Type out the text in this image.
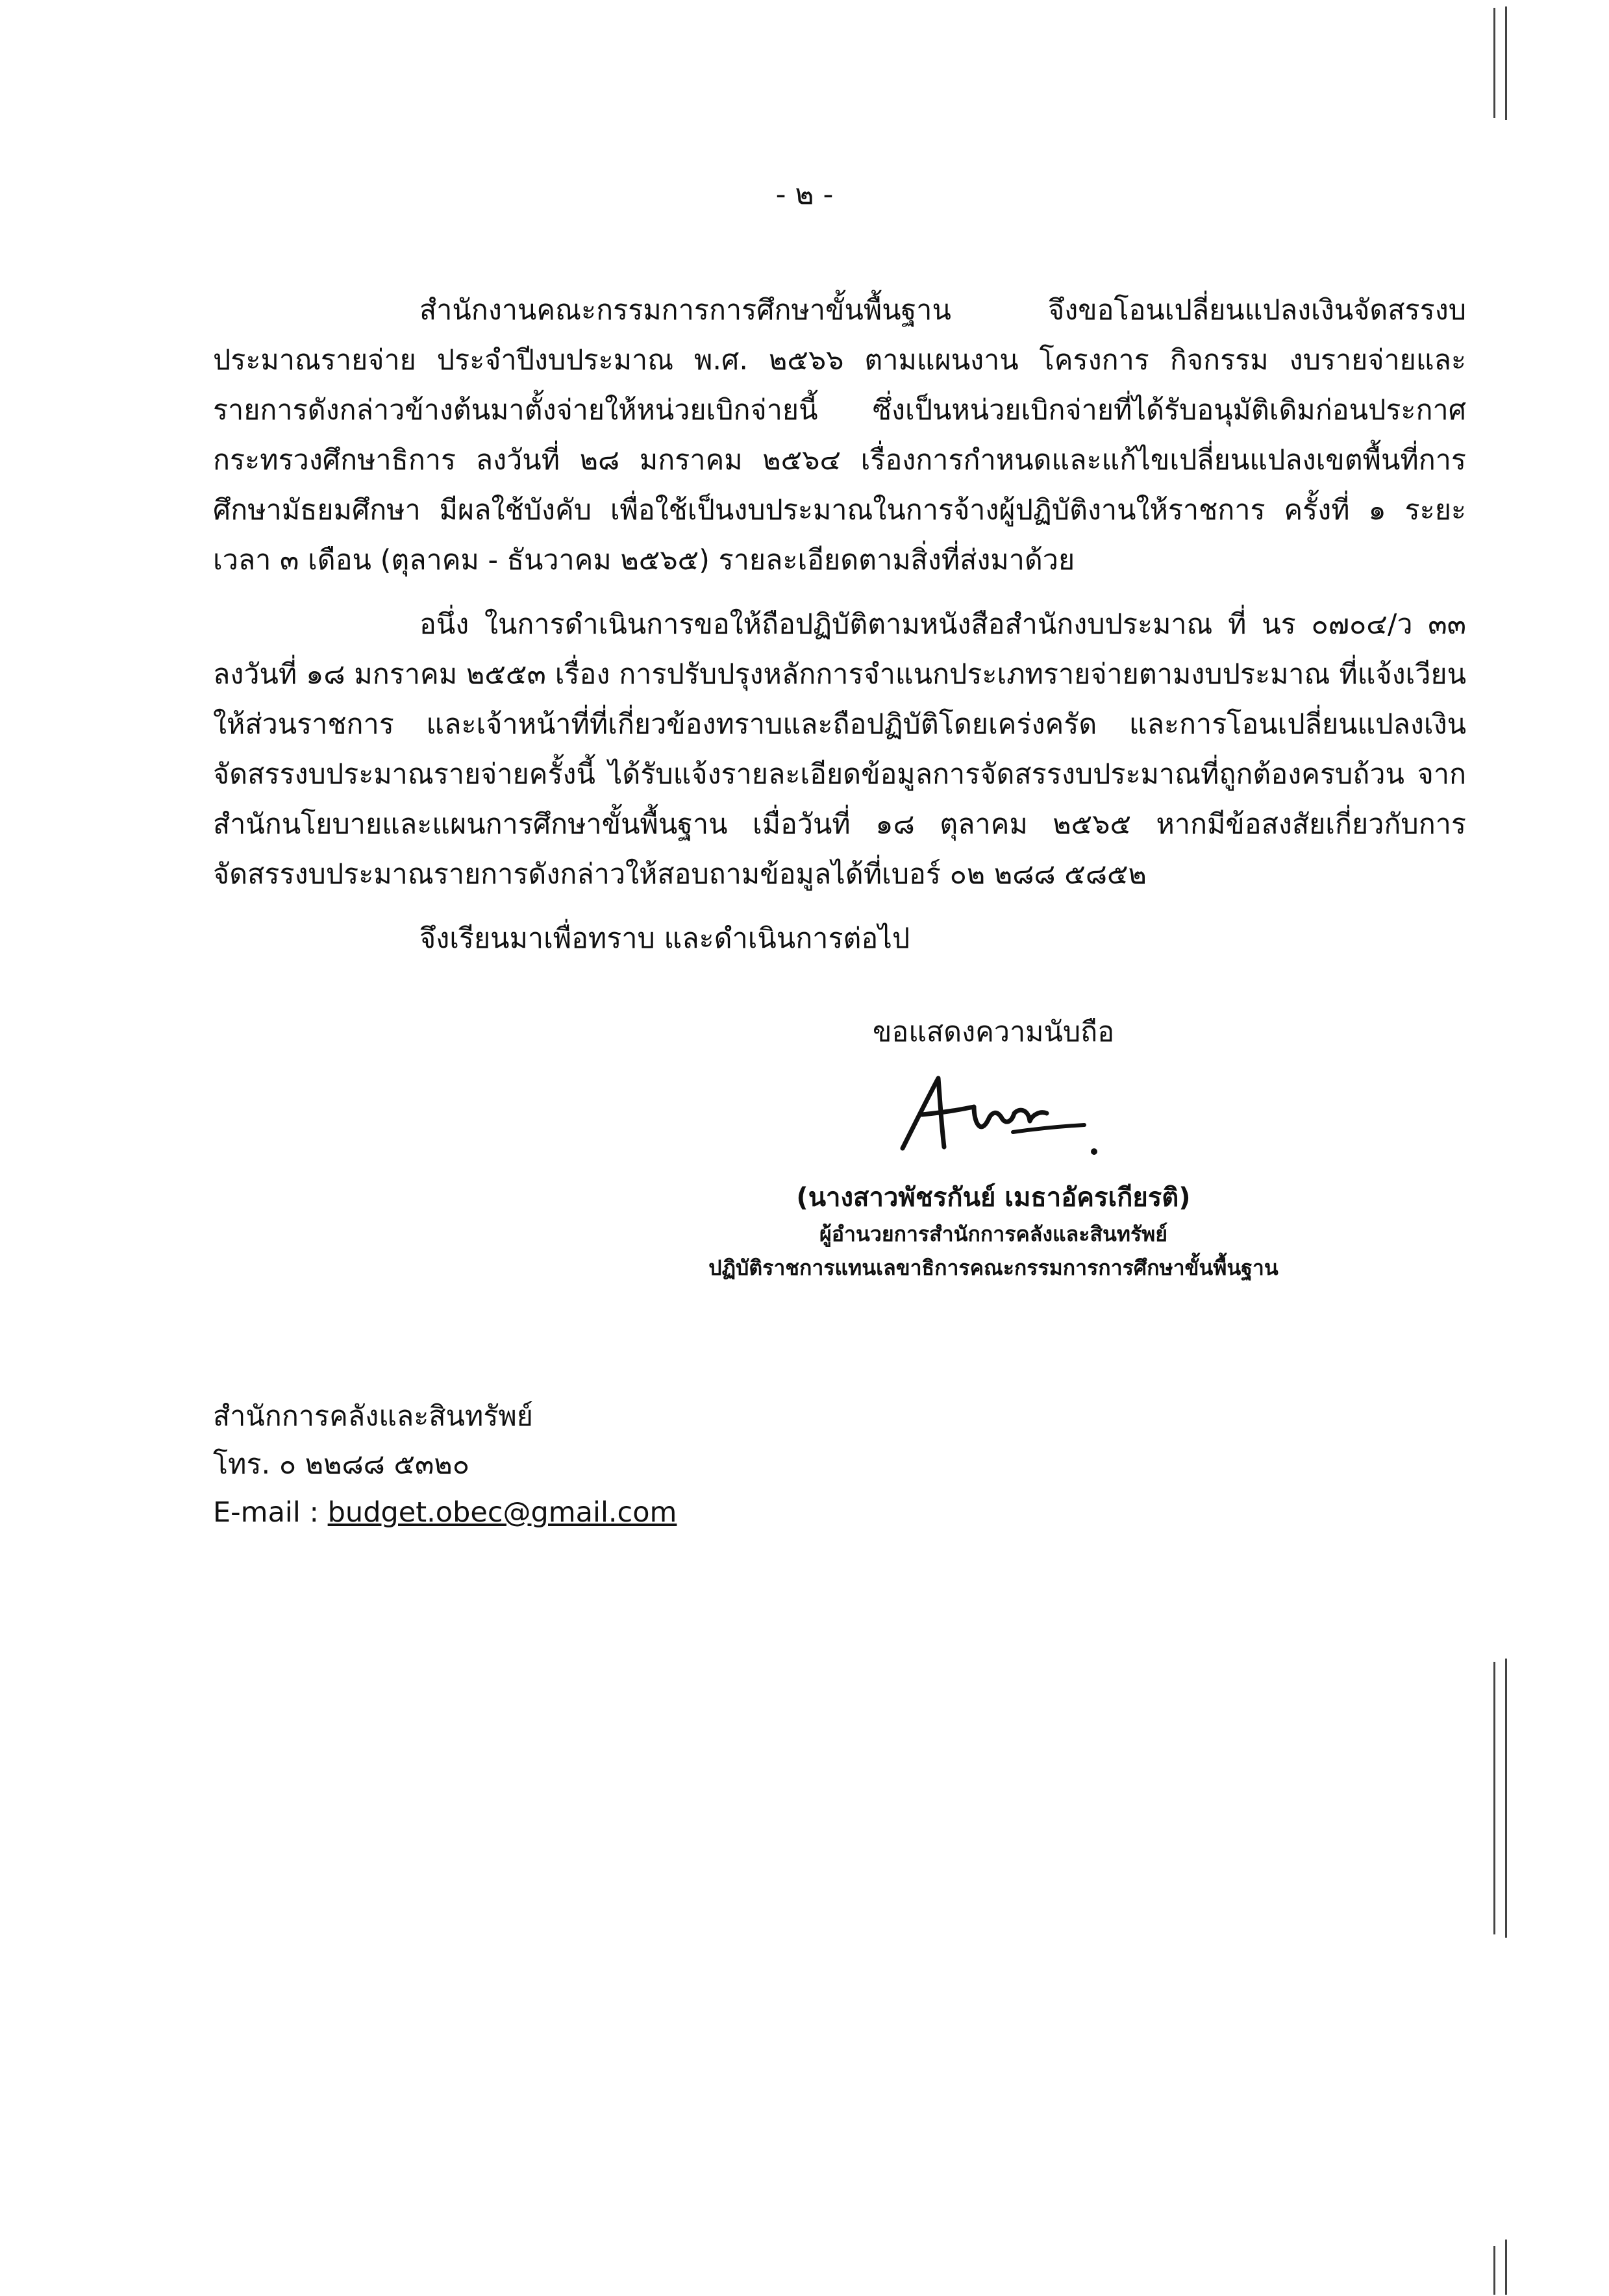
- ๒ -

สำนักงานคณะกรรมการการศึกษาขั้นพื้นฐาน จึงขอโอนเปลี่ยนแปลงเงินจัดสรรงบประมาณรายจ่าย ประจำปีงบประมาณ พ.ศ. ๒๕๖๖ ตามแผนงาน โครงการ กิจกรรม งบรายจ่ายและรายการดังกล่าวข้างต้นมาตั้งจ่ายให้หน่วยเบิกจ่ายนี้ ซึ่งเป็นหน่วยเบิกจ่ายที่ได้รับอนุมัติเดิมก่อนประกาศกระทรวงศึกษาธิการ ลงวันที่ ๒๘ มกราคม ๒๕๖๔ เรื่องการกำหนดและแก้ไขเปลี่ยนแปลงเขตพื้นที่การศึกษามัธยมศึกษา มีผลใช้บังคับ เพื่อใช้เป็นงบประมาณในการจ้างผู้ปฏิบัติงานให้ราชการ ครั้งที่ ๑ ระยะเวลา ๓ เดือน (ตุลาคม - ธันวาคม ๒๕๖๕) รายละเอียดตามสิ่งที่ส่งมาด้วย

อนึ่ง ในการดำเนินการขอให้ถือปฏิบัติตามหนังสือสำนักงบประมาณ ที่ นร ๐๗๐๔/ว ๓๓ ลงวันที่ ๑๘ มกราคม ๒๕๕๓ เรื่อง การปรับปรุงหลักการจำแนกประเภทรายจ่ายตามงบประมาณ ที่แจ้งเวียนให้ส่วนราชการ และเจ้าหน้าที่ที่เกี่ยวข้องทราบและถือปฏิบัติโดยเคร่งครัด และการโอนเปลี่ยนแปลงเงินจัดสรรงบประมาณรายจ่ายครั้งนี้ ได้รับแจ้งรายละเอียดข้อมูลการจัดสรรงบประมาณที่ถูกต้องครบถ้วน จากสำนักนโยบายและแผนการศึกษาขั้นพื้นฐาน เมื่อวันที่ ๑๘ ตุลาคม ๒๕๖๕ หากมีข้อสงสัยเกี่ยวกับการจัดสรรงบประมาณรายการดังกล่าวให้สอบถามข้อมูลได้ที่เบอร์ ๐๒ ๒๘๘ ๕๘๕๒

จึงเรียนมาเพื่อทราบ และดำเนินการต่อไป

ขอแสดงความนับถือ
(นางสาวพัชรกันย์ เมธาอัครเกียรติ)
ผู้อำนวยการสำนักการคลังและสินทรัพย์
ปฏิบัติราชการแทนเลขาธิการคณะกรรมการการศึกษาขั้นพื้นฐาน
สำนักการคลังและสินทรัพย์
โทร. ๐ ๒๒๘๘ ๕๓๒๐
E-mail : budget.obec@gmail.com
